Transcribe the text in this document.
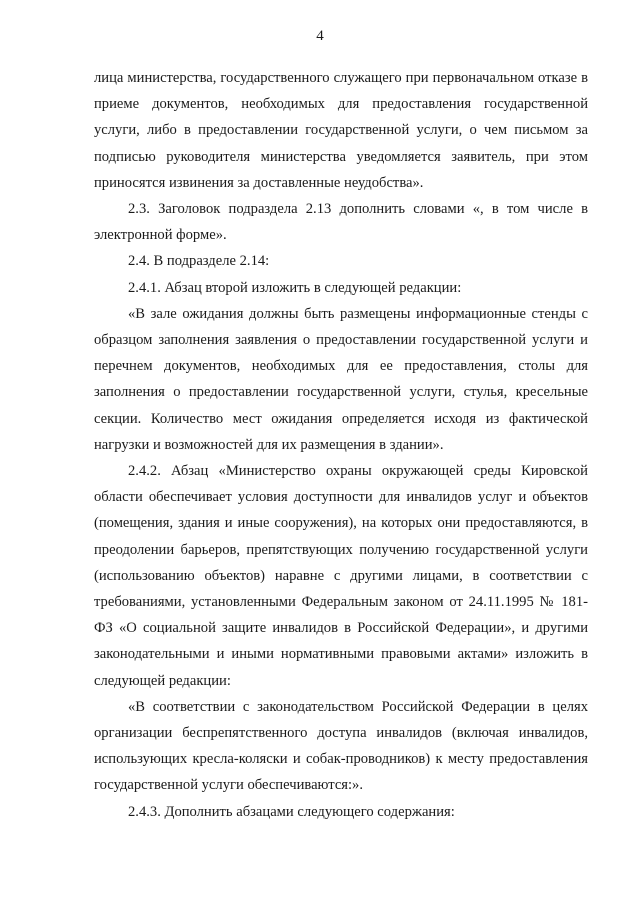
4

лица министерства, государственного служащего при первоначальном отказе в приеме документов, необходимых для предоставления государственной услуги, либо в предоставлении государственной услуги, о чем письмом за подписью руководителя министерства уведомляется заявитель, при этом приносятся извинения за доставленные неудобства».

2.3. Заголовок подраздела 2.13 дополнить словами «, в том числе в электронной форме».

2.4. В подразделе 2.14:

2.4.1. Абзац второй изложить в следующей редакции:

«В зале ожидания должны быть размещены информационные стенды с образцом заполнения заявления о предоставлении государственной услуги и перечнем документов, необходимых для ее предоставления, столы для заполнения о предоставлении государственной услуги, стулья, кресельные секции. Количество мест ожидания определяется исходя из фактической нагрузки и возможностей для их размещения в здании».

2.4.2. Абзац «Министерство охраны окружающей среды Кировской области обеспечивает условия доступности для инвалидов услуг и объектов (помещения, здания и иные сооружения), на которых они предоставляются, в преодолении барьеров, препятствующих получению государственной услуги (использованию объектов) наравне с другими лицами, в соответствии с требованиями, установленными Федеральным законом от 24.11.1995 № 181-ФЗ «О социальной защите инвалидов в Российской Федерации», и другими законодательными и иными нормативными правовыми актами» изложить в следующей редакции:

«В соответствии с законодательством Российской Федерации в целях организации беспрепятственного доступа инвалидов (включая инвалидов, использующих кресла-коляски и собак-проводников) к месту предоставления государственной услуги обеспечиваются:».

2.4.3. Дополнить абзацами следующего содержания:
